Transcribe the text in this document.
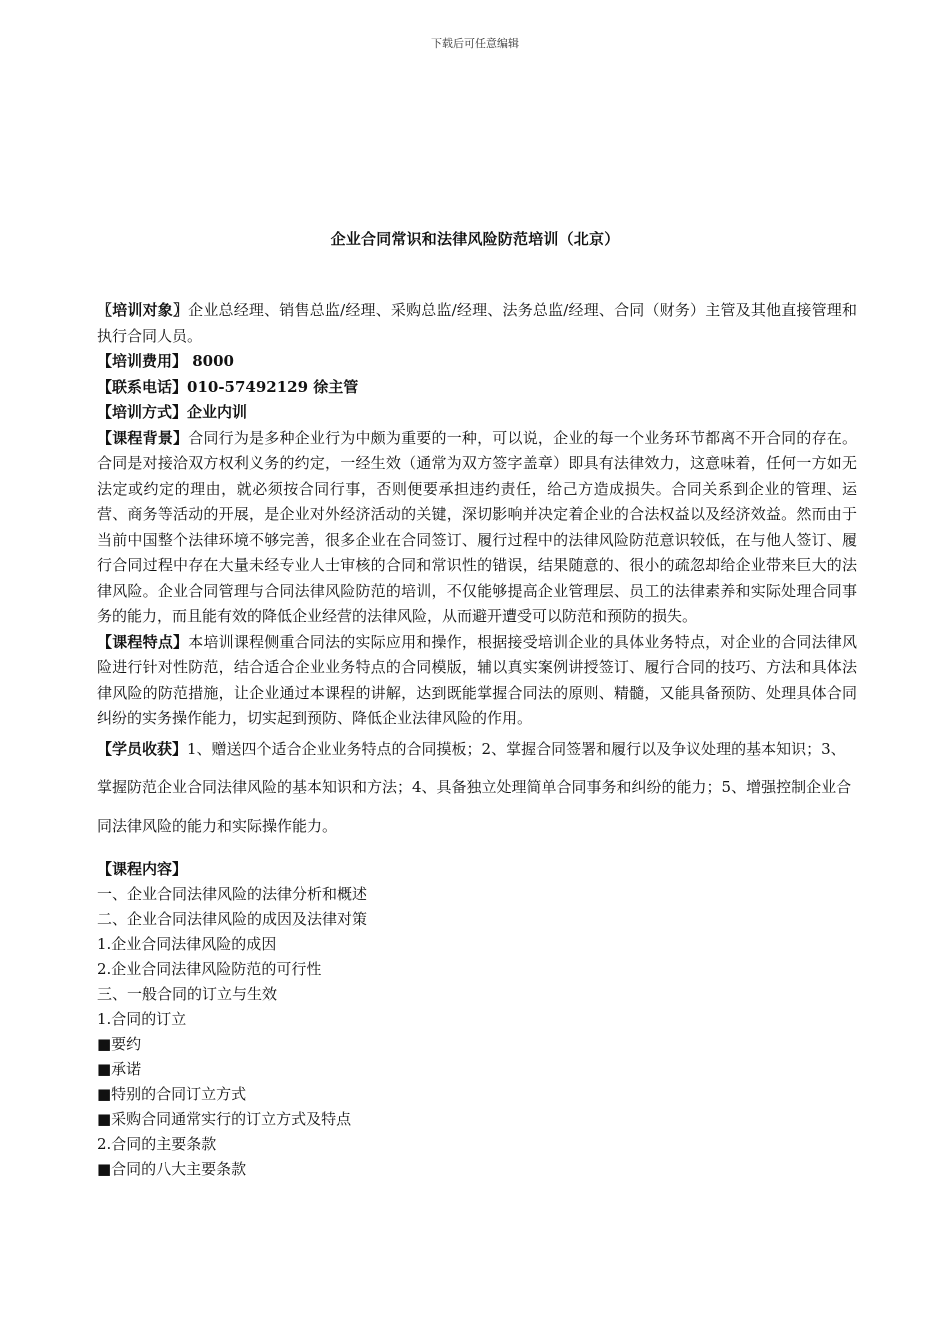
下载后可任意编辑
企业合同常识和法律风险防范培训（北京）

〖培训对象〗企业总经理、销售总监/经理、采购总监/经理、法务总监/经理、合同（财务）主管及其他直接管理和执行合同人员。

【培训费用】 8000

【联系电话】010-57492129 徐主管

【培训方式】企业内训

【课程背景】合同行为是多种企业行为中颇为重要的一种，可以说，企业的每一个业务环节都离不开合同的存在。合同是对接洽双方权利义务的约定，一经生效（通常为双方签字盖章）即具有法律效力，这意味着，任何一方如无法定或约定的理由，就必须按合同行事，否则便要承担违约责任，给己方造成损失。合同关系到企业的管理、运营、商务等活动的开展，是企业对外经济活动的关键，深切影响并决定着企业的合法权益以及经济效益。然而由于当前中国整个法律环境不够完善，很多企业在合同签订、履行过程中的法律风险防范意识较低，在与他人签订、履行合同过程中存在大量未经专业人士审核的合同和常识性的错误，结果随意的、很小的疏忽却给企业带来巨大的法律风险。企业合同管理与合同法律风险防范的培训，不仅能够提高企业管理层、员工的法律素养和实际处理合同事务的能力，而且能有效的降低企业经营的法律风险，从而避开遭受可以防范和预防的损失。

【课程特点】本培训课程侧重合同法的实际应用和操作，根据接受培训企业的具体业务特点，对企业的合同法律风险进行针对性防范，结合适合企业业务特点的合同模版，辅以真实案例讲授签订、履行合同的技巧、方法和具体法律风险的防范措施，让企业通过本课程的讲解，达到既能掌握合同法的原则、精髓，又能具备预防、处理具体合同纠纷的实务操作能力，切实起到预防、降低企业法律风险的作用。

【学员收获】1、赠送四个适合企业业务特点的合同摸板；2、掌握合同签署和履行以及争议处理的基本知识；3、掌握防范企业合同法律风险的基本知识和方法；4、具备独立处理简单合同事务和纠纷的能力；5、增强控制企业合同法律风险的能力和实际操作能力。

【课程内容】

一、企业合同法律风险的法律分析和概述

二、企业合同法律风险的成因及法律对策

1.企业合同法律风险的成因

2.企业合同法律风险防范的可行性

三、一般合同的订立与生效

1.合同的订立

■要约

■承诺

■特别的合同订立方式

■采购合同通常实行的订立方式及特点

2.合同的主要条款

■合同的八大主要条款
